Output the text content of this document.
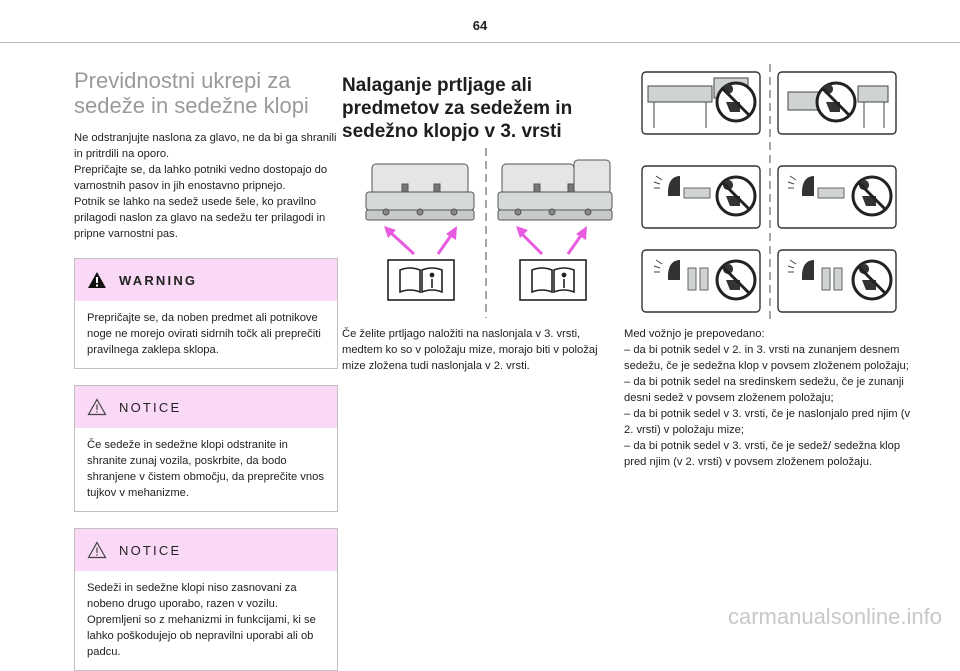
64
Previdnostni ukrepi za sedeže in sedežne klopi

Ne odstranjujte naslona za glavo, ne da bi ga shranili in pritrdili na oporo.

Prepričajte se, da lahko potniki vedno dostopajo do varnostnih pasov in jih enostavno pripnejo.

Potnik se lahko na sedež usede šele, ko pravilno prilagodi naslon za glavo na sedežu ter prilagodi in pripne varnostni pas.

WARNING
Prepričajte se, da noben predmet ali potnikove noge ne morejo ovirati sidrnih točk ali preprečiti pravilnega zaklepa sklopa.
NOTICE
Če sedeže in sedežne klopi odstranite in shranite zunaj vozila, poskrbite, da bodo shranjene v čistem območju, da preprečite vnos tujkov v mehanizme.
NOTICE
Sedeži in sedežne klopi niso zasnovani za nobeno drugo uporabo, razen v vozilu. Opremljeni so z mehanizmi in funkcijami, ki se lahko poškodujejo ob nepravilni uporabi ali ob padcu.
Nalaganje prtljage ali predmetov za sedežem in sedežno klopjo v 3. vrsti
Če želite prtljago naložiti na naslonjala v 3. vrsti, medtem ko so v položaju mize, morajo biti v položaj mize zložena tudi naslonjala v 2. vrsti.

Med vožnjo je prepovedano:

– da bi potnik sedel v 2. in 3. vrsti na zunanjem desnem sedežu, če je sedežna klop v povsem zloženem položaju;

– da bi potnik sedel na sredinskem sedežu, če je zunanji desni sedež v povsem zloženem položaju;

– da bi potnik sedel v 3. vrsti, če je naslonjalo pred njim (v 2. vrsti) v položaju mize;

– da bi potnik sedel v 3. vrsti, če je sedež/ sedežna klop pred njim (v 2. vrsti) v povsem zloženem položaju.

carmanualsonline.info
